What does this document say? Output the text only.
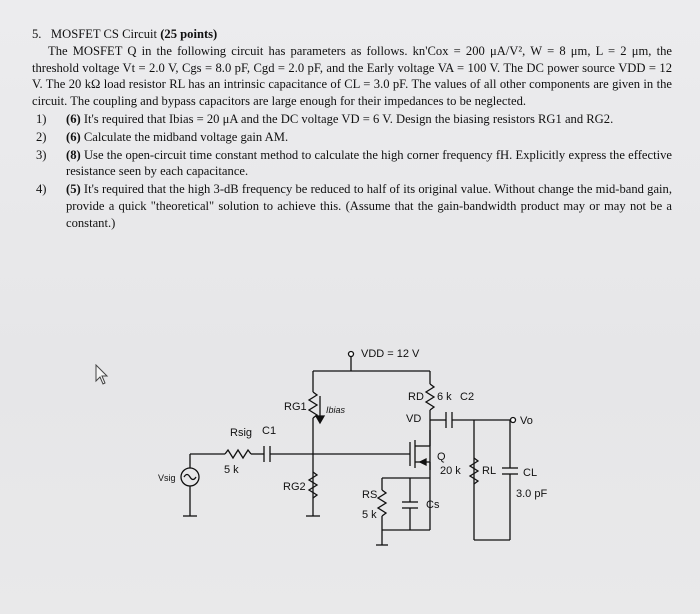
5. MOSFET CS Circuit (25 points)

The MOSFET Q in the following circuit has parameters as follows. kn'Cox = 200 μA/V², W = 8 μm, L = 2 μm, the threshold voltage Vt = 2.0 V, Cgs = 8.0 pF, Cgd = 2.0 pF, and the Early voltage VA = 100 V. The DC power source VDD = 12 V. The 20 kΩ load resistor RL has an intrinsic capacitance of CL = 3.0 pF. The values of all other components are given in the circuit. The coupling and bypass capacitors are large enough for their impedances to be neglected.

1)	(6) It's required that Ibias = 20 μA and the DC voltage VD = 6 V. Design the biasing resistors RG1 and RG2.
2)	(6) Calculate the midband voltage gain AM.
3)	(8) Use the open-circuit time constant method to calculate the high corner frequency fH. Explicitly express the effective resistance seen by each capacitance.
4)	(5) It's required that the high 3-dB frequency be reduced to half of its original value. Without change the mid-band gain, provide a quick "theoretical" solution to achieve this. (Assume that the gain-bandwidth product may or may not be a constant.)
VDD = 12 V
RG1 Ibias
RD 6 k C2
VD	Vo
Rsig C1
5 k
Q
Vsig
RG2
20 k RL CL
3.0 pF
RS
Cs
5 k
